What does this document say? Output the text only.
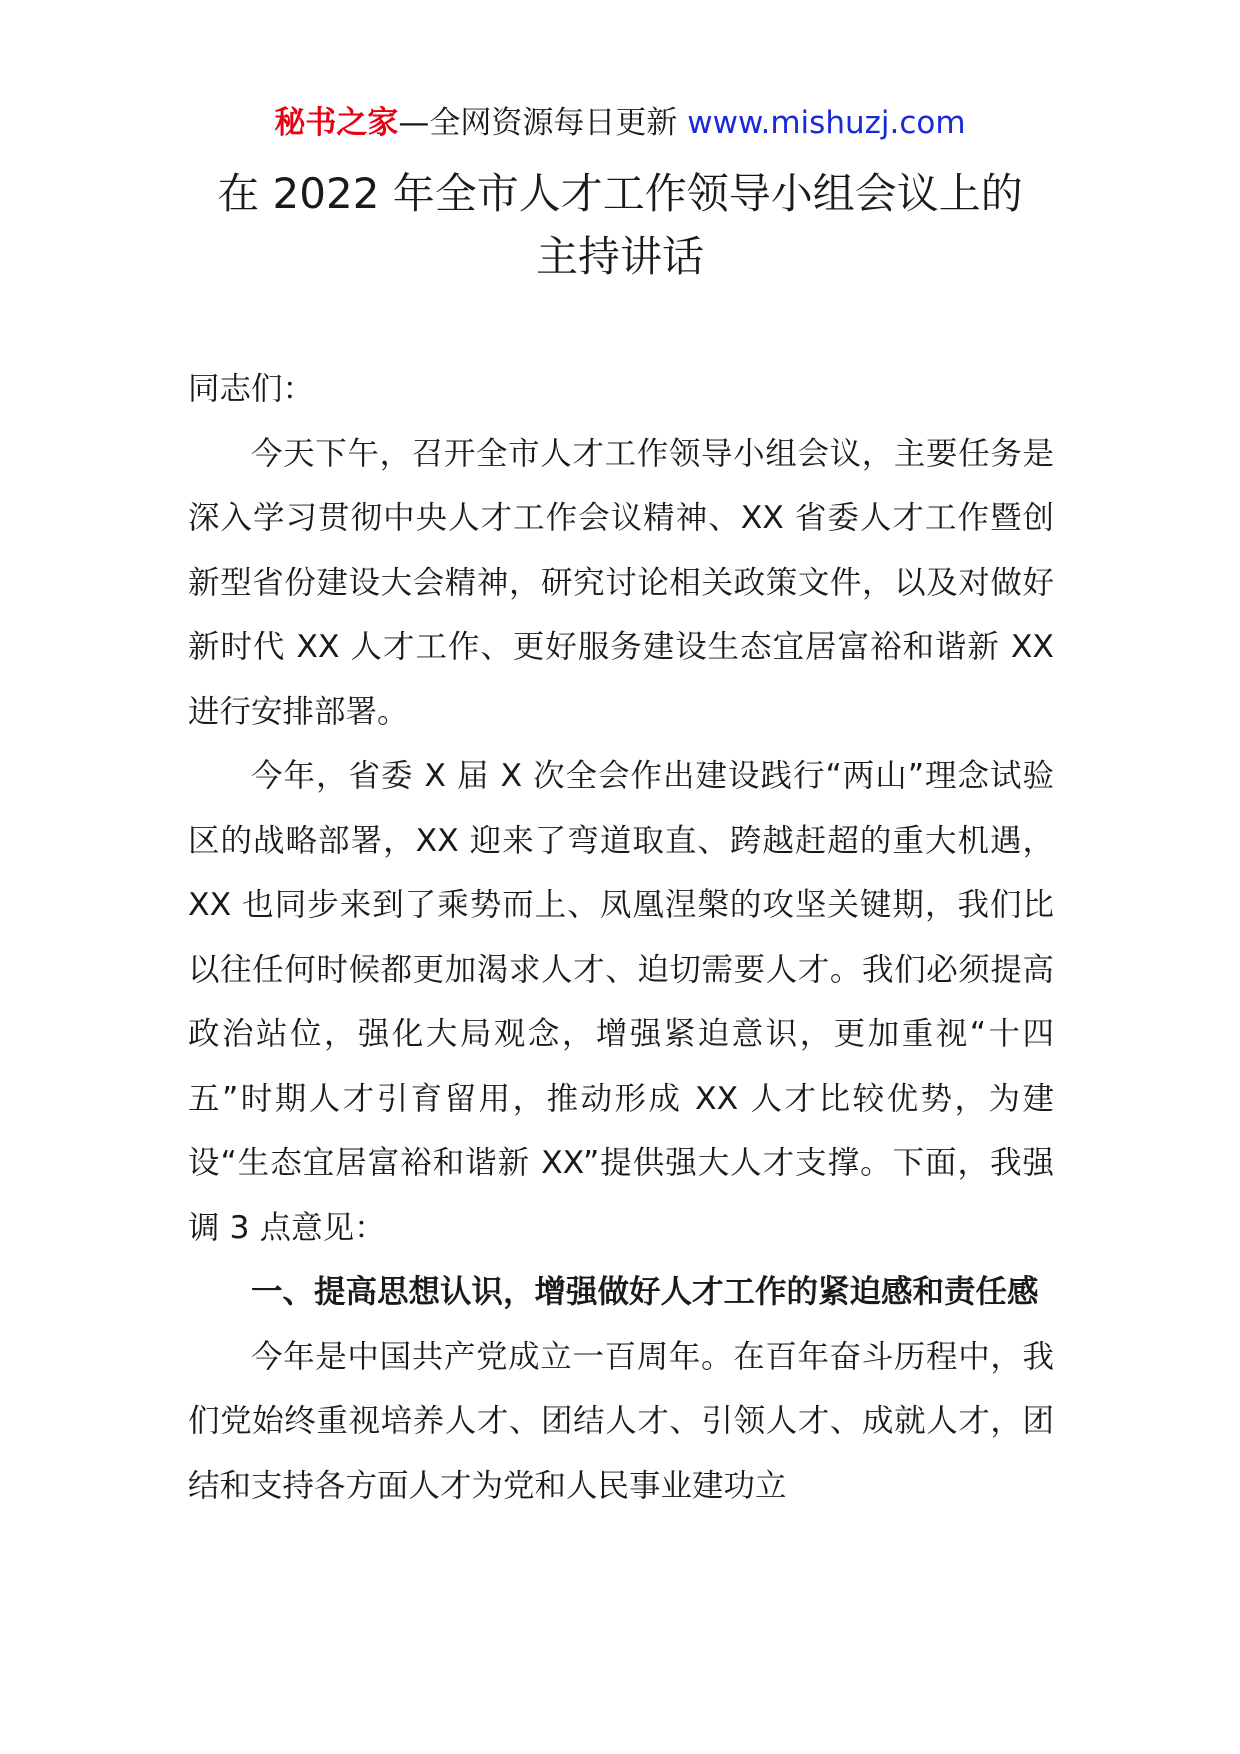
秘书之家—全网资源每日更新 www.mishuzj.com
在 2022 年全市人才工作领导小组会议上的
主持讲话

同志们：

今天下午，召开全市人才工作领导小组会议，主要任务是深入学习贯彻中央人才工作会议精神、XX 省委人才工作暨创新型省份建设大会精神，研究讨论相关政策文件，以及对做好新时代 XX 人才工作、更好服务建设生态宜居富裕和谐新 XX 进行安排部署。

今年，省委 X 届 X 次全会作出建设践行“两山”理念试验区的战略部署，XX 迎来了弯道取直、跨越赶超的重大机遇，XX 也同步来到了乘势而上、凤凰涅槃的攻坚关键期，我们比以往任何时候都更加渴求人才、迫切需要人才。我们必须提高政治站位，强化大局观念，增强紧迫意识，更加重视“十四五”时期人才引育留用，推动形成 XX 人才比较优势，为建设“生态宜居富裕和谐新 XX”提供强大人才支撑。下面，我强调 3 点意见：

一、提高思想认识，增强做好人才工作的紧迫感和责任感

今年是中国共产党成立一百周年。在百年奋斗历程中，我们党始终重视培养人才、团结人才、引领人才、成就人才，团结和支持各方面人才为党和人民事业建功立
